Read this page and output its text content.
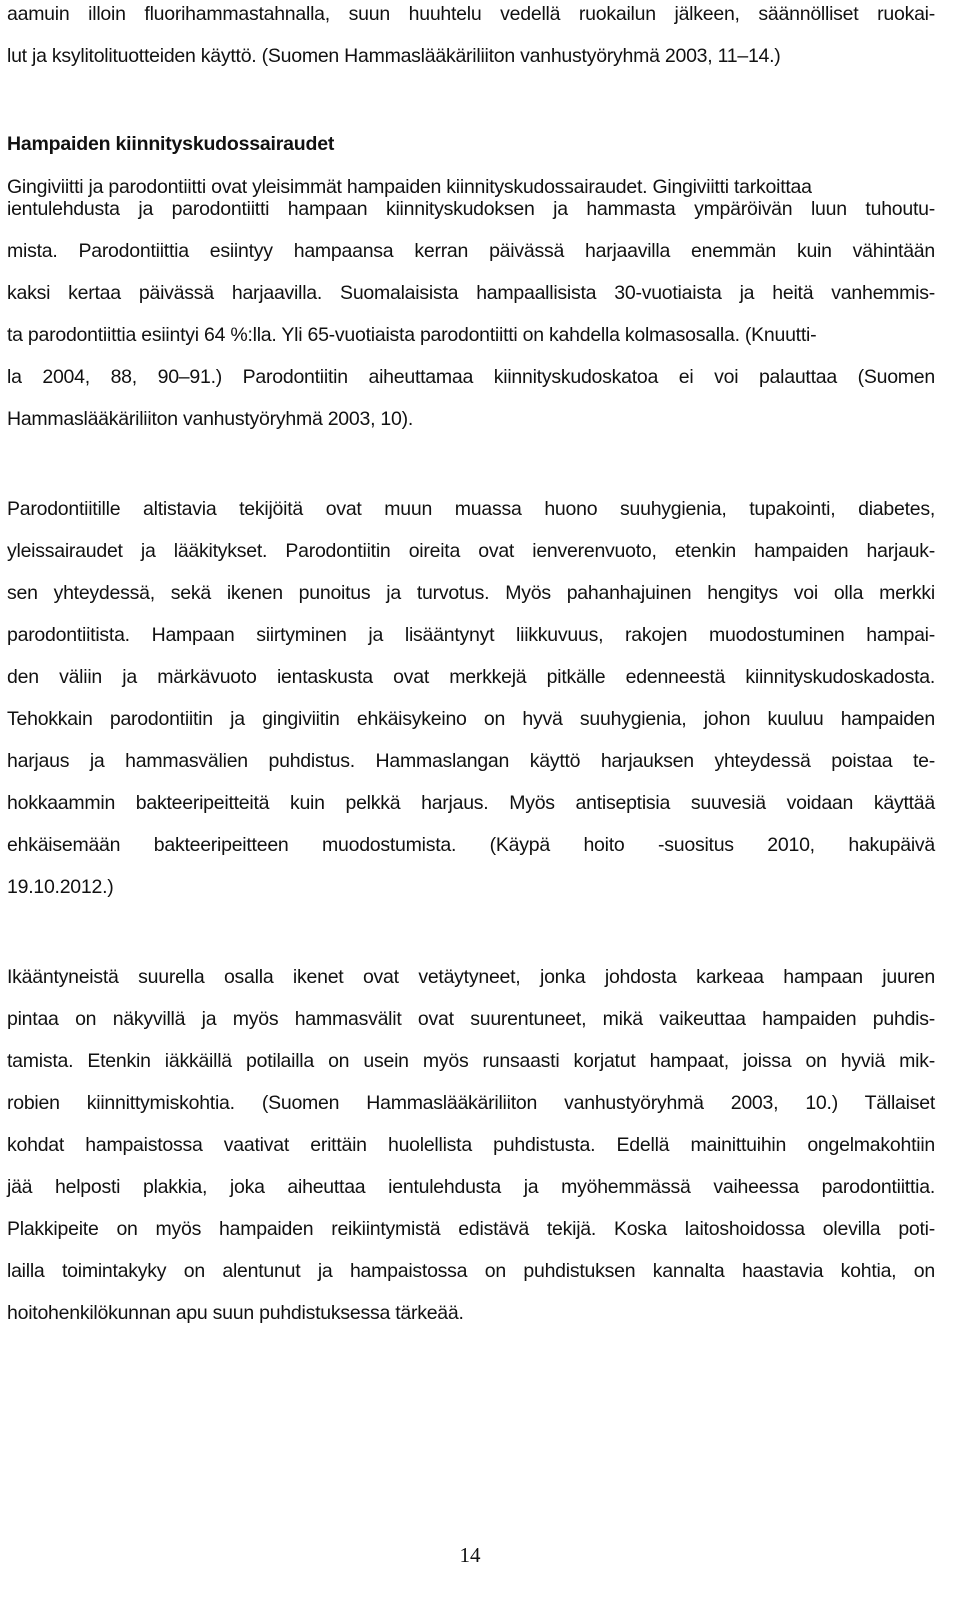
aamuin illoin fluorihammastahnalla, suun huuhtelu vedellä ruokailun jälkeen, säännölliset ruokai-
lut ja ksylitolituotteiden käyttö. (Suomen Hammaslääkäriliiton vanhustyöryhmä 2003, 11–14.)
Hampaiden kiinnityskudossairaudet
Gingiviitti ja parodontiitti ovat yleisimmät hampaiden kiinnityskudossairaudet. Gingiviitti tarkoittaa
ientulehdusta ja parodontiitti hampaan kiinnityskudoksen ja hammasta ympäröivän luun tuhoutu-
mista. Parodontiittia esiintyy hampaansa kerran päivässä harjaavilla enemmän kuin vähintään
kaksi kertaa päivässä harjaavilla. Suomalaisista hampaallisista 30-vuotiaista ja heitä vanhemmis-
ta parodontiittia esiintyi 64 %:lla. Yli 65-vuotiaista parodontiitti on kahdella kolmasosalla. (Knuutti-
la 2004, 88, 90–91.) Parodontiitin aiheuttamaa kiinnityskudoskatoa ei voi palauttaa (Suomen
Hammaslääkäriliiton vanhustyöryhmä 2003, 10).
Parodontiitille altistavia tekijöitä ovat muun muassa huono suuhygienia, tupakointi, diabetes,
yleissairaudet ja lääkitykset. Parodontiitin oireita ovat ienverenvuoto, etenkin hampaiden harjauk-
sen yhteydessä, sekä ikenen punoitus ja turvotus. Myös pahanhajuinen hengitys voi olla merkki
parodontiitista. Hampaan siirtyminen ja lisääntynyt liikkuvuus, rakojen muodostuminen hampai-
den väliin ja märkävuoto ientaskusta ovat merkkejä pitkälle edenneestä kiinnityskudoskadosta.
Tehokkain parodontiitin ja gingiviitin ehkäisykeino on hyvä suuhygienia, johon kuuluu hampaiden
harjaus ja hammasvälien puhdistus. Hammaslangan käyttö harjauksen yhteydessä poistaa te-
hokkaammin bakteeripeitteitä kuin pelkkä harjaus. Myös antiseptisia suuvesiä voidaan käyttää
ehkäisemään bakteeripeitteen muodostumista. (Käypä hoito -suositus 2010, hakupäivä
19.10.2012.)
Ikääntyneistä suurella osalla ikenet ovat vetäytyneet, jonka johdosta karkeaa hampaan juuren
pintaa on näkyvillä ja myös hammasvälit ovat suurentuneet, mikä vaikeuttaa hampaiden puhdis-
tamista. Etenkin iäkkäillä potilailla on usein myös runsaasti korjatut hampaat, joissa on hyviä mik-
robien kiinnittymiskohtia. (Suomen Hammaslääkäriliiton vanhustyöryhmä 2003, 10.) Tällaiset
kohdat hampaistossa vaativat erittäin huolellista puhdistusta. Edellä mainittuihin ongelmakohtiin
jää helposti plakkia, joka aiheuttaa ientulehdusta ja myöhemmässä vaiheessa parodontiittia.
Plakkipeite on myös hampaiden reikiintymistä edistävä tekijä. Koska laitoshoidossa olevilla poti-
lailla toimintakyky on alentunut ja hampaistossa on puhdistuksen kannalta haastavia kohtia, on
hoitohenkilökunnan apu suun puhdistuksessa tärkeää.
14
